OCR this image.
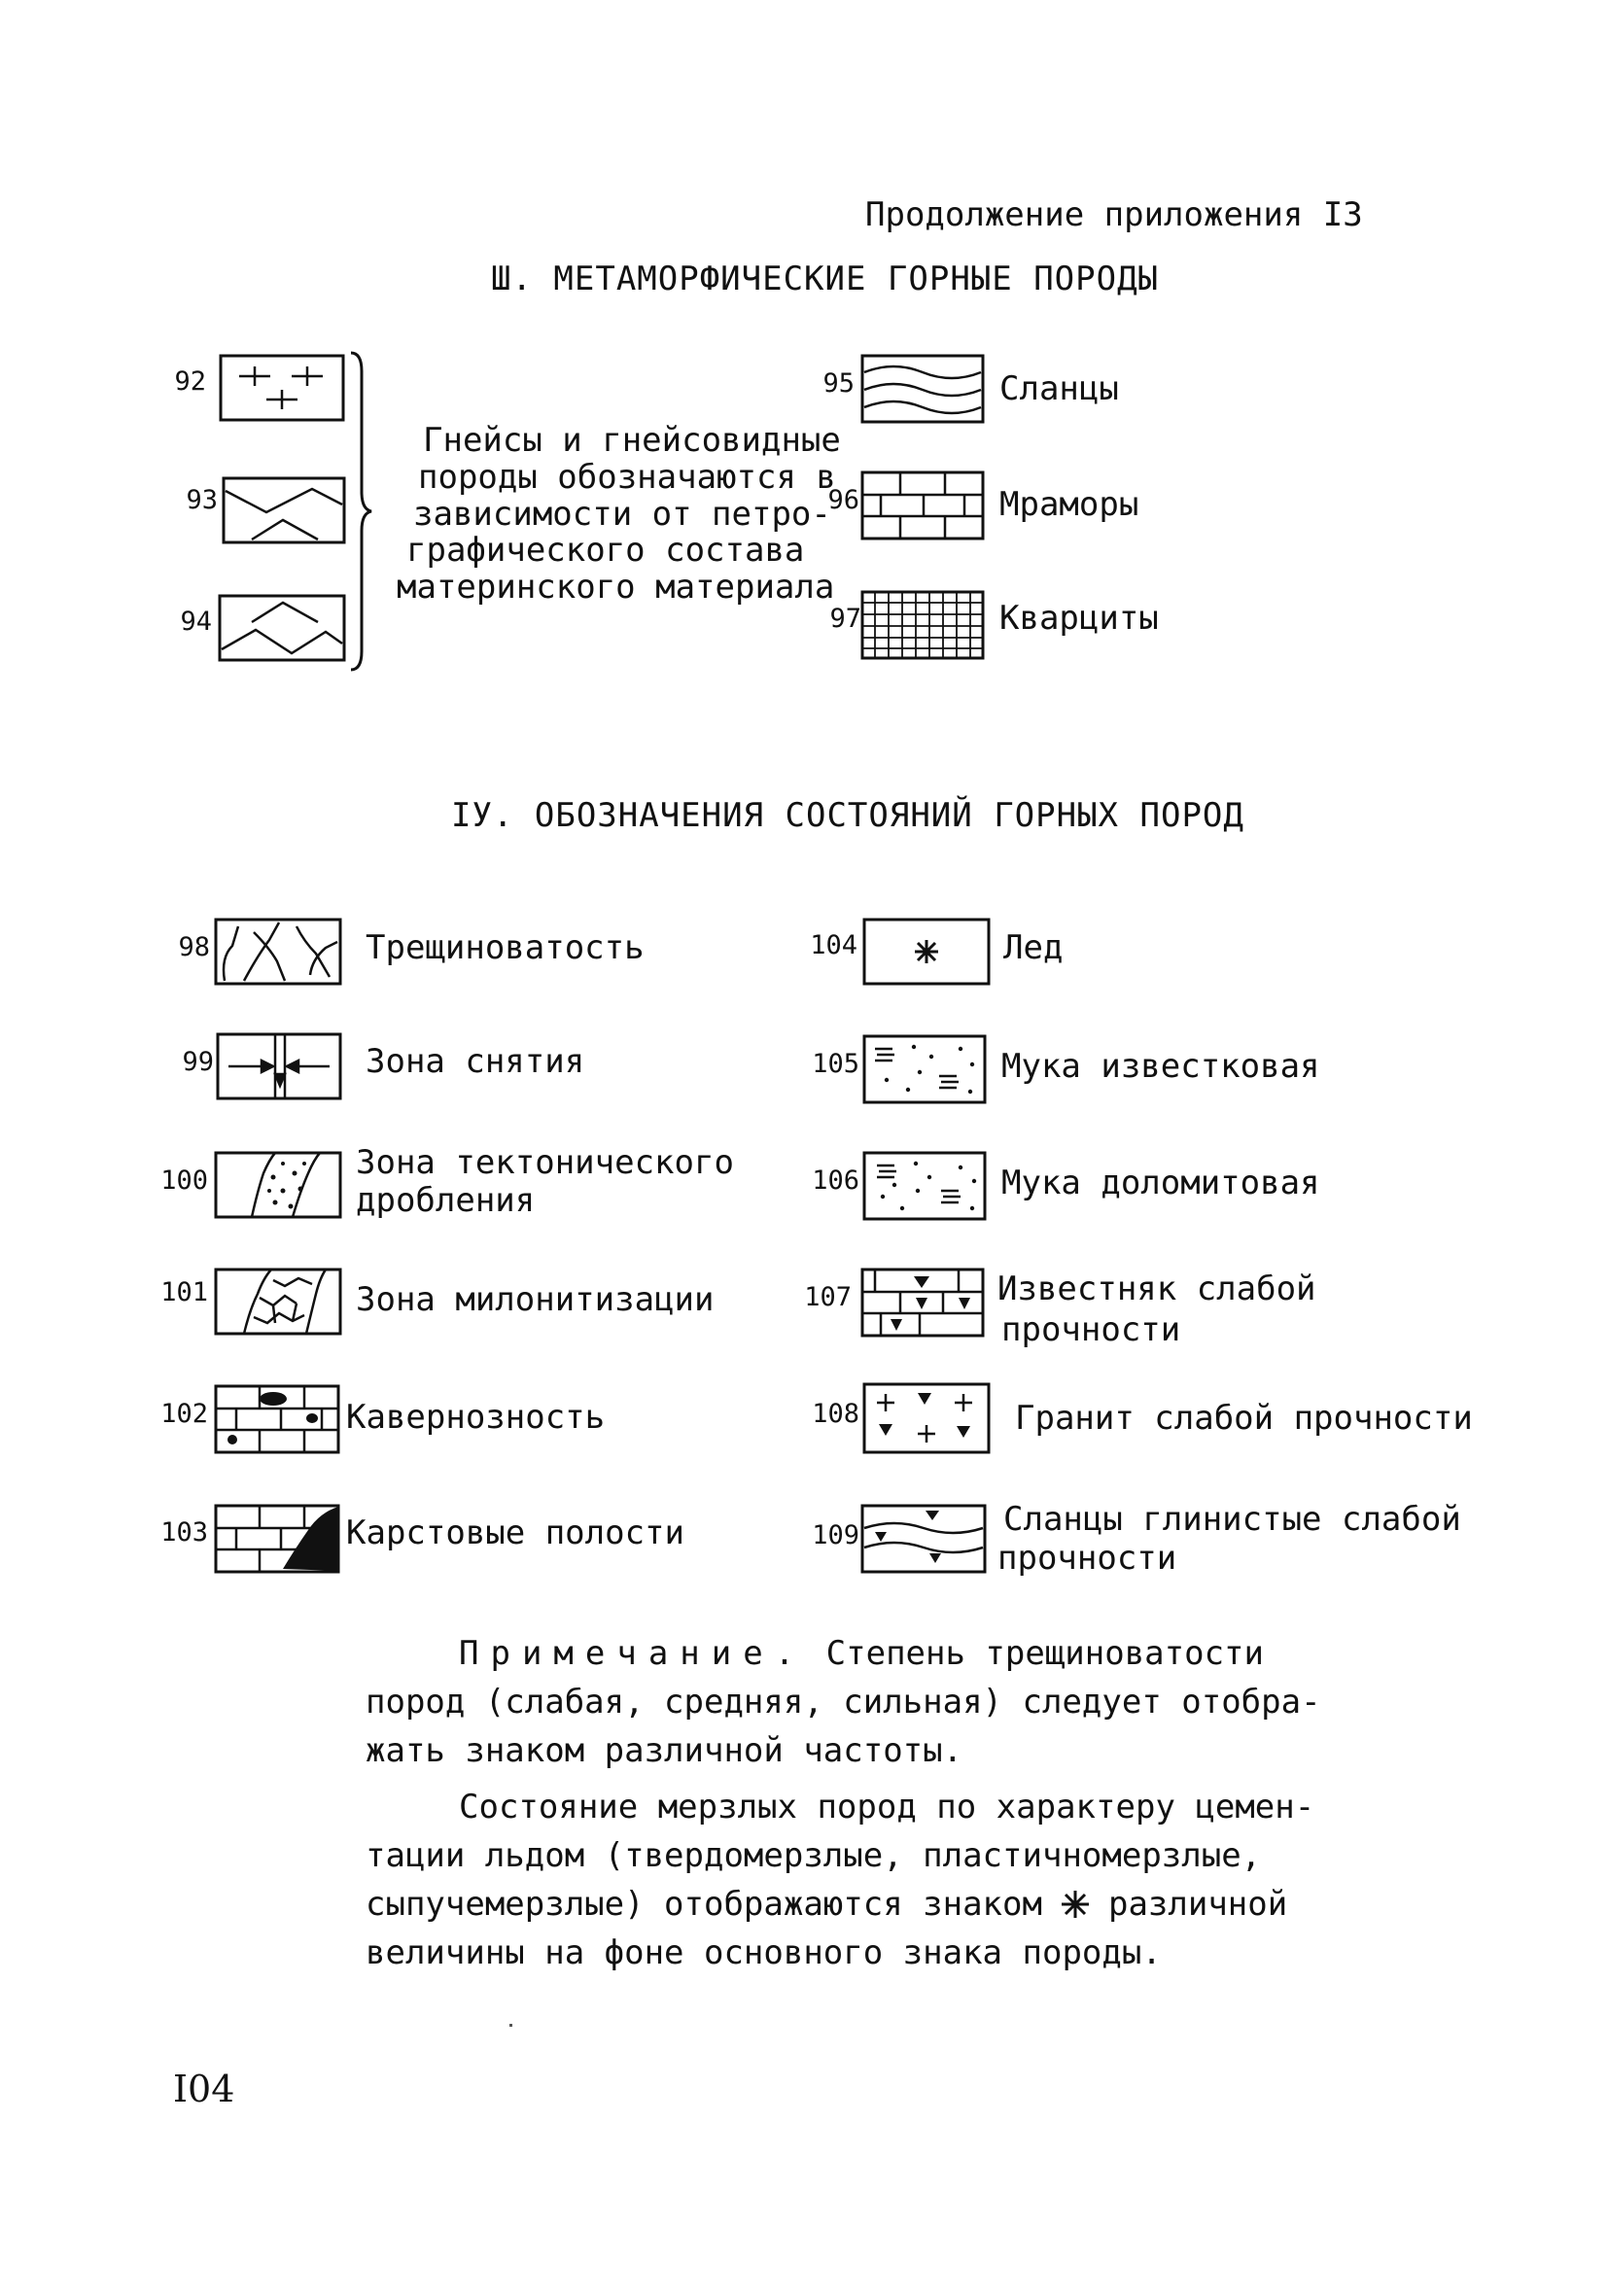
Продолжение приложения I3
Ш. МЕТАМОРФИЧЕСКИЕ ГОРНЫЕ ПОРОДЫ
92
93
94
Гнейсы и гнейсовидные
породы обозначаются в
зависимости от петро-
графического состава
материнского материала
95	Сланцы
96	Мраморы
97	Кварциты
IУ. ОБОЗНАЧЕНИЯ СОСТОЯНИЙ ГОРНЫХ ПОРОД
98	Трещиноватость
99	Зона снятия
100	Зона тектонического
дробления
101	Зона милонитизации
102	Кавернозность
103	Карстовые полости
104	Лед
105	Мука известковая
106	Мука доломитовая
107	Известняк слабой
прочности
108	Гранит слабой прочности
109	Сланцы глинистые слабой
прочности
Примечание. Степень трещиноватости
пород (слабая, средняя, сильная) следует отобра-
жать знаком различной частоты.
Состояние мерзлых пород по характеру цемен-
тации льдом (твердомерзлые, пластичномерзлые,
сыпучемерзлые) отображаются знаком различной
величины на фоне основного знака породы.
I04
